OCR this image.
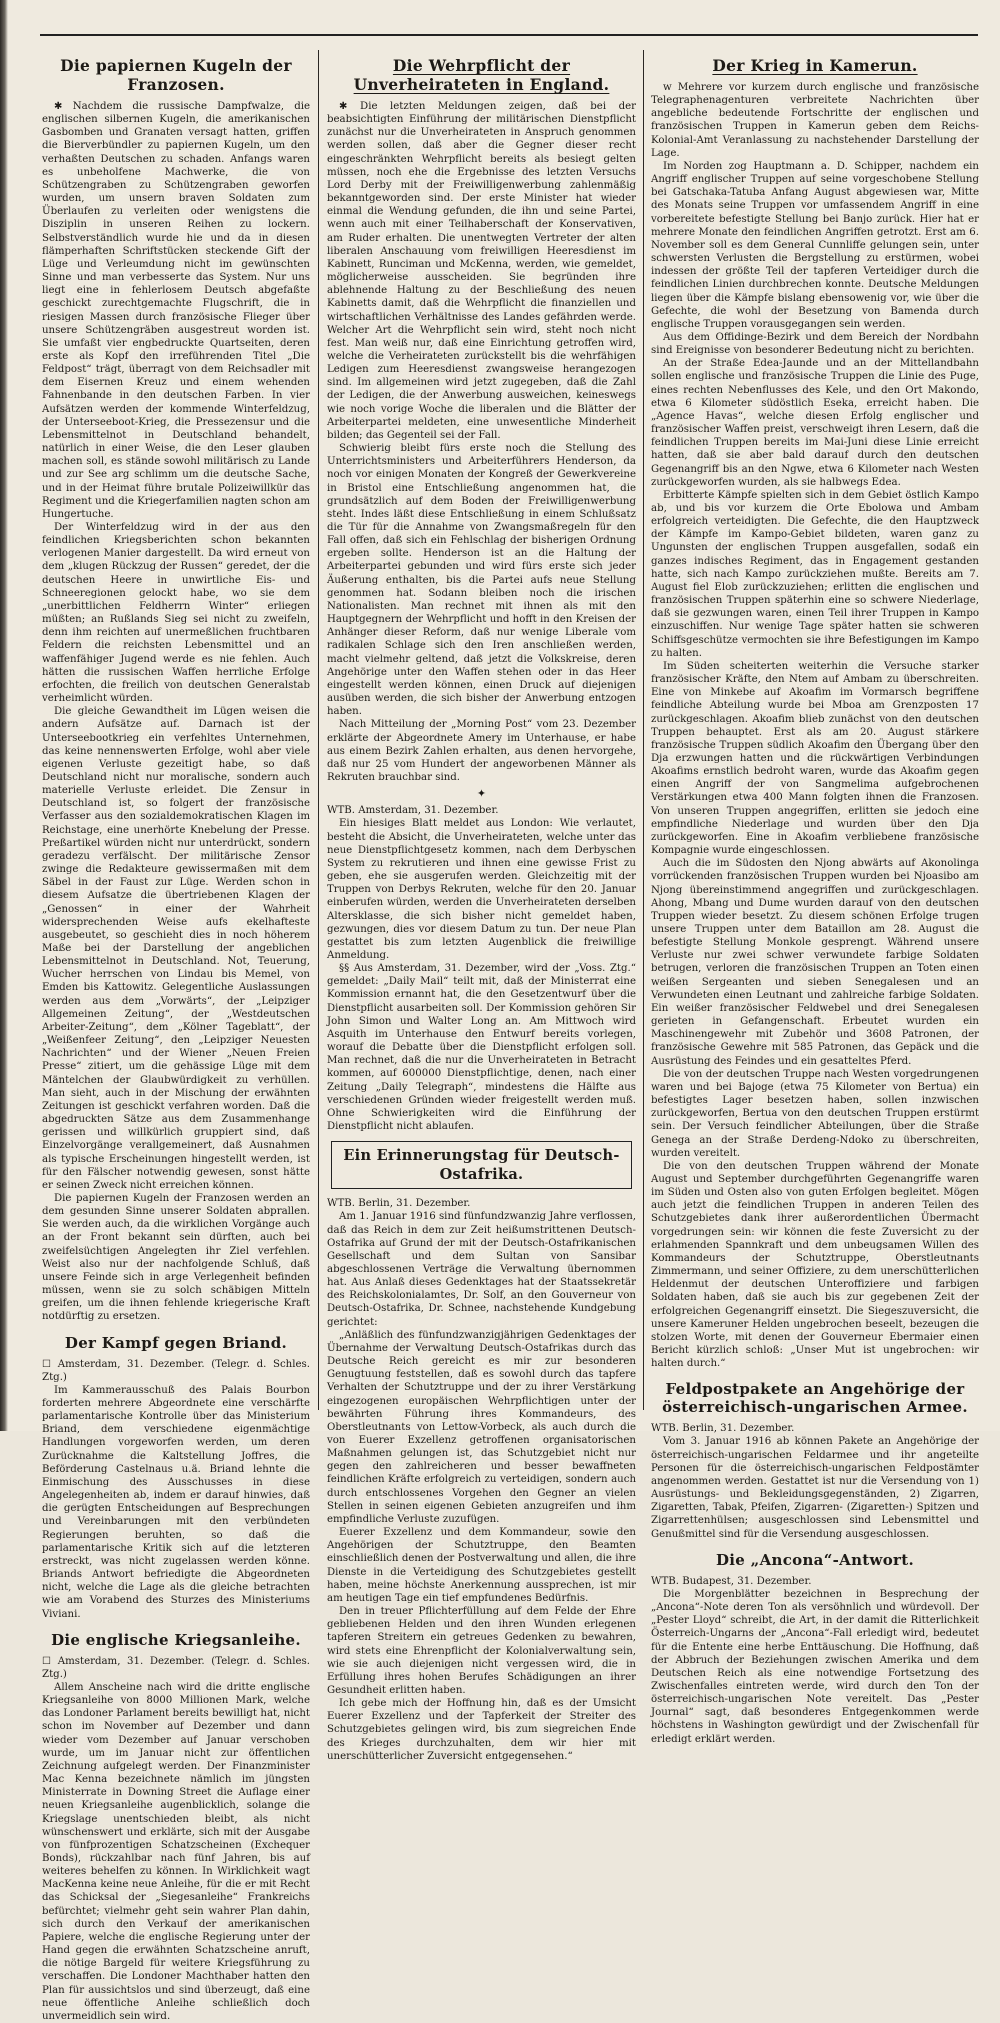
Die papiernen Kugeln der Franzosen.

✱ Nachdem die russische Dampfwalze, die englischen silbernen Kugeln, die amerikanischen Gasbomben und Granaten versagt hatten, griffen die Bierverbündler zu papiernen Kugeln, um den verhaßten Deutschen zu schaden. Anfangs waren es unbeholfene Machwerke, die von Schützengraben zu Schützengraben geworfen wurden, um unsern braven Soldaten zum Überlaufen zu verleiten oder wenigstens die Disziplin in unseren Reihen zu lockern. Selbstverständlich wurde hie und da in diesen flämperhaften Schriftstücken steckende Gift der Lüge und Verleumdung nicht im gewünschten Sinne und man verbesserte das System. Nur uns liegt eine in fehlerlosem Deutsch abgefaßte geschickt zurechtgemachte Flugschrift, die in riesigen Massen durch französische Flieger über unsere Schützengräben ausgestreut worden ist. Sie umfaßt vier engbedruckte Quartseiten, deren erste als Kopf den irreführenden Titel „Die Feldpost“ trägt, überragt von dem Reichsadler mit dem Eisernen Kreuz und einem wehenden Fahnenbande in den deutschen Farben. In vier Aufsätzen werden der kommende Winterfeldzug, der Unterseeboot-Krieg, die Pressezensur und die Lebensmittelnot in Deutschland behandelt, natürlich in einer Weise, die den Leser glauben machen soll, es stände sowohl militärisch zu Lande und zur See arg schlimm um die deutsche Sache, und in der Heimat führe brutale Polizeiwillkür das Regiment und die Kriegerfamilien nagten schon am Hungertuche.

Der Winterfeldzug wird in der aus den feindlichen Kriegsberichten schon bekannten verlogenen Manier dargestellt. Da wird erneut von dem „klugen Rückzug der Russen“ geredet, der die deutschen Heere in unwirtliche Eis- und Schneeregionen gelockt habe, wo sie dem „unerbittlichen Feldherrn Winter“ erliegen müßten; an Rußlands Sieg sei nicht zu zweifeln, denn ihm reichten auf unermeßlichen fruchtbaren Feldern die reichsten Lebensmittel und an waffenfähiger Jugend werde es nie fehlen. Auch hätten die russischen Waffen herrliche Erfolge erfochten, die freilich von deutschen Generalstab verheimlicht würden.

Die gleiche Gewandtheit im Lügen weisen die andern Aufsätze auf. Darnach ist der Unterseebootkrieg ein verfehltes Unternehmen, das keine nennenswerten Erfolge, wohl aber viele eigenen Verluste gezeitigt habe, so daß Deutschland nicht nur moralische, sondern auch materielle Verluste erleidet. Die Zensur in Deutschland ist, so folgert der französische Verfasser aus den sozialdemokratischen Klagen im Reichstage, eine unerhörte Knebelung der Presse. Preßartikel würden nicht nur unterdrückt, sondern geradezu verfälscht. Der militärische Zensor zwinge die Redakteure gewissermaßen mit dem Säbel in der Faust zur Lüge. Werden schon in diesem Aufsatze die übertriebenen Klagen der „Genossen“ in einer der Wahrheit widersprechenden Weise aufs ekelhafteste ausgebeutet, so geschieht dies in noch höherem Maße bei der Darstellung der angeblichen Lebensmittelnot in Deutschland. Not, Teuerung, Wucher herrschen von Lindau bis Memel, von Emden bis Kattowitz. Gelegentliche Auslassungen werden aus dem „Vorwärts“, der „Leipziger Allgemeinen Zeitung“, der „Westdeutschen Arbeiter-Zeitung“, dem „Kölner Tageblatt“, der „Weißenfeer Zeitung“, den „Leipziger Neuesten Nachrichten“ und der Wiener „Neuen Freien Presse“ zitiert, um die gehässige Lüge mit dem Mäntelchen der Glaubwürdigkeit zu verhüllen. Man sieht, auch in der Mischung der erwähnten Zeitungen ist geschickt verfahren worden. Daß die abgedruckten Sätze aus dem Zusammenhange gerissen und willkürlich gruppiert sind, daß Einzelvorgänge verallgemeinert, daß Ausnahmen als typische Erscheinungen hingestellt werden, ist für den Fälscher notwendig gewesen, sonst hätte er seinen Zweck nicht erreichen können.

Die papiernen Kugeln der Franzosen werden an dem gesunden Sinne unserer Soldaten abprallen. Sie werden auch, da die wirklichen Vorgänge auch an der Front bekannt sein dürften, auch bei zweifelsüchtigen Angelegten ihr Ziel verfehlen. Weist also nur der nachfolgende Schluß, daß unsere Feinde sich in arge Verlegenheit befinden müssen, wenn sie zu solch schäbigen Mitteln greifen, um die ihnen fehlende kriegerische Kraft notdürftig zu ersetzen.

Der Kampf gegen Briand.

☐ Amsterdam, 31. Dezember. (Telegr. d. Schles. Ztg.)

Im Kammerausschuß des Palais Bourbon forderten mehrere Abgeordnete eine verschärfte parlamentarische Kontrolle über das Ministerium Briand, dem verschiedene eigenmächtige Handlungen vorgeworfen werden, um deren Zurücknahme die Kaltstellung Joffres, die Beförderung Castelnaus u.ä. Briand lehnte die Einmischung des Ausschusses in diese Angelegenheiten ab, indem er darauf hinwies, daß die gerügten Entscheidungen auf Besprechungen und Vereinbarungen mit den verbündeten Regierungen beruhten, so daß die parlamentarische Kritik sich auf die letzteren erstreckt, was nicht zugelassen werden könne. Briands Antwort befriedigte die Abgeordneten nicht, welche die Lage als die gleiche betrachten wie am Vorabend des Sturzes des Ministeriums Viviani.

Die englische Kriegsanleihe.

☐ Amsterdam, 31. Dezember. (Telegr. d. Schles. Ztg.)

Allem Anscheine nach wird die dritte englische Kriegsanleihe von 8000 Millionen Mark, welche das Londoner Parlament bereits bewilligt hat, nicht schon im November auf Dezember und dann wieder vom Dezember auf Januar verschoben wurde, um im Januar nicht zur öffentlichen Zeichnung aufgelegt werden. Der Finanzminister Mac Kenna bezeichnete nämlich im jüngsten Ministerrate in Downing Street die Auflage einer neuen Kriegsanleihe augenblicklich, solange die Kriegslage unentschieden bleibt, als nicht wünschenswert und erklärte, sich mit der Ausgabe von fünfprozentigen Schatzscheinen (Exchequer Bonds), rückzahlbar nach fünf Jahren, bis auf weiteres behelfen zu können. In Wirklichkeit wagt MacKenna keine neue Anleihe, für die er mit Recht das Schicksal der „Siegesanleihe“ Frankreichs befürchtet; vielmehr geht sein wahrer Plan dahin, sich durch den Verkauf der amerikanischen Papiere, welche die englische Regierung unter der Hand gegen die erwähnten Schatzscheine anruft, die nötige Bargeld für weitere Kriegsführung zu verschaffen. Die Londoner Machthaber hatten den Plan für aussichtslos und sind überzeugt, daß eine neue öffentliche Anleihe schließlich doch unvermeidlich sein wird.

Die Wehrpflicht der Unverheirateten in England.

✱ Die letzten Meldungen zeigen, daß bei der beabsichtigten Einführung der militärischen Dienstpflicht zunächst nur die Unverheirateten in Anspruch genommen werden sollen, daß aber die Gegner dieser recht eingeschränkten Wehrpflicht bereits als besiegt gelten müssen, noch ehe die Ergebnisse des letzten Versuchs Lord Derby mit der Freiwilligenwerbung zahlenmäßig bekanntgeworden sind. Der erste Minister hat wieder einmal die Wendung gefunden, die ihn und seine Partei, wenn auch mit einer Teilhaberschaft der Konservativen, am Ruder erhalten. Die unentwegten Vertreter der alten liberalen Anschauung vom freiwilligen Heeresdienst im Kabinett, Runciman und McKenna, werden, wie gemeldet, möglicherweise ausscheiden. Sie begründen ihre ablehnende Haltung zu der Beschließung des neuen Kabinetts damit, daß die Wehrpflicht die finanziellen und wirtschaftlichen Verhältnisse des Landes gefährden werde. Welcher Art die Wehrpflicht sein wird, steht noch nicht fest. Man weiß nur, daß eine Einrichtung getroffen wird, welche die Verheirateten zurückstellt bis die wehrfähigen Ledigen zum Heeresdienst zwangsweise herangezogen sind. Im allgemeinen wird jetzt zugegeben, daß die Zahl der Ledigen, die der Anwerbung ausweichen, keineswegs wie noch vorige Woche die liberalen und die Blätter der Arbeiterpartei meldeten, eine unwesentliche Minderheit bilden; das Gegenteil sei der Fall.

Schwierig bleibt fürs erste noch die Stellung des Unterrichtsministers und Arbeiterführers Henderson, da noch vor einigen Monaten der Kongreß der Gewerkvereine in Bristol eine Entschließung angenommen hat, die grundsätzlich auf dem Boden der Freiwilligenwerbung steht. Indes läßt diese Entschließung in einem Schlußsatz die Tür für die Annahme von Zwangsmaßregeln für den Fall offen, daß sich ein Fehlschlag der bisherigen Ordnung ergeben sollte. Henderson ist an die Haltung der Arbeiterpartei gebunden und wird fürs erste sich jeder Äußerung enthalten, bis die Partei aufs neue Stellung genommen hat. Sodann bleiben noch die irischen Nationalisten. Man rechnet mit ihnen als mit den Hauptgegnern der Wehrpflicht und hofft in den Kreisen der Anhänger dieser Reform, daß nur wenige Liberale vom radikalen Schlage sich den Iren anschließen werden, macht vielmehr geltend, daß jetzt die Volkskreise, deren Angehörige unter den Waffen stehen oder in das Heer eingestellt werden können, einen Druck auf diejenigen ausüben werden, die sich bisher der Anwerbung entzogen haben.

Nach Mitteilung der „Morning Post“ vom 23. Dezember erklärte der Abgeordnete Amery im Unterhause, er habe aus einem Bezirk Zahlen erhalten, aus denen hervorgehe, daß nur 25 vom Hundert der angeworbenen Männer als Rekruten brauchbar sind.

✦

WTB. Amsterdam, 31. Dezember.

Ein hiesiges Blatt meldet aus London: Wie verlautet, besteht die Absicht, die Unverheirateten, welche unter das neue Dienstpflichtgesetz kommen, nach dem Derbyschen System zu rekrutieren und ihnen eine gewisse Frist zu geben, ehe sie ausgerufen werden. Gleichzeitig mit der Truppen von Derbys Rekruten, welche für den 20. Januar einberufen würden, werden die Unverheirateten derselben Altersklasse, die sich bisher nicht gemeldet haben, gezwungen, dies vor diesem Datum zu tun. Der neue Plan gestattet bis zum letzten Augenblick die freiwillige Anmeldung.

§§ Aus Amsterdam, 31. Dezember, wird der „Voss. Ztg.“ gemeldet: „Daily Mail“ teilt mit, daß der Ministerrat eine Kommission ernannt hat, die den Gesetzentwurf über die Dienstpflicht ausarbeiten soll. Der Kommission gehören Sir John Simon und Walter Long an. Am Mittwoch wird Asquith im Unterhause den Entwurf bereits vorlegen, worauf die Debatte über die Dienstpflicht erfolgen soll. Man rechnet, daß die nur die Unverheirateten in Betracht kommen, auf 600000 Dienstpflichtige, denen, nach einer Zeitung „Daily Telegraph“, mindestens die Hälfte aus verschiedenen Gründen wieder freigestellt werden muß. Ohne Schwierigkeiten wird die Einführung der Dienstpflicht nicht ablaufen.

Ein Erinnerungstag für Deutsch-Ostafrika.

WTB. Berlin, 31. Dezember.

Am 1. Januar 1916 sind fünfundzwanzig Jahre verflossen, daß das Reich in dem zur Zeit heißumstrittenen Deutsch-Ostafrika auf Grund der mit der Deutsch-Ostafrikanischen Gesellschaft und dem Sultan von Sansibar abgeschlossenen Verträge die Verwaltung übernommen hat. Aus Anlaß dieses Gedenktages hat der Staatssekretär des Reichskolonialamtes, Dr. Solf, an den Gouverneur von Deutsch-Ostafrika, Dr. Schnee, nachstehende Kundgebung gerichtet:

„Anläßlich des fünfundzwanzigjährigen Gedenktages der Übernahme der Verwaltung Deutsch-Ostafrikas durch das Deutsche Reich gereicht es mir zur besonderen Genugtuung feststellen, daß es sowohl durch das tapfere Verhalten der Schutztruppe und der zu ihrer Verstärkung eingezogenen europäischen Wehrpflichtigen unter der bewährten Führung ihres Kommandeurs, des Oberstleutnants von Lettow-Vorbeck, als auch durch die von Euerer Exzellenz getroffenen organisatorischen Maßnahmen gelungen ist, das Schutzgebiet nicht nur gegen den zahlreicheren und besser bewaffneten feindlichen Kräfte erfolgreich zu verteidigen, sondern auch durch entschlossenes Vorgehen den Gegner an vielen Stellen in seinen eigenen Gebieten anzugreifen und ihm empfindliche Verluste zuzufügen.

Euerer Exzellenz und dem Kommandeur, sowie den Angehörigen der Schutztruppe, den Beamten einschließlich denen der Postverwaltung und allen, die ihre Dienste in die Verteidigung des Schutzgebietes gestellt haben, meine höchste Anerkennung aussprechen, ist mir am heutigen Tage ein tief empfundenes Bedürfnis.

Den in treuer Pflichterfüllung auf dem Felde der Ehre gebliebenen Helden und den ihren Wunden erlegenen tapferen Streitern ein getreues Gedenken zu bewahren, wird stets eine Ehrenpflicht der Kolonialverwaltung sein, wie sie auch diejenigen nicht vergessen wird, die in Erfüllung ihres hohen Berufes Schädigungen an ihrer Gesundheit erlitten haben.

Ich gebe mich der Hoffnung hin, daß es der Umsicht Euerer Exzellenz und der Tapferkeit der Streiter des Schutzgebietes gelingen wird, bis zum siegreichen Ende des Krieges durchzuhalten, dem wir hier mit unerschütterlicher Zuversicht entgegensehen.“

Der Krieg in Kamerun.

w Mehrere vor kurzem durch englische und französische Telegraphenagenturen verbreitete Nachrichten über angebliche bedeutende Fortschritte der englischen und französischen Truppen in Kamerun geben dem Reichs-Kolonial-Amt Veranlassung zu nachstehender Darstellung der Lage.

Im Norden zog Hauptmann a. D. Schipper, nachdem ein Angriff englischer Truppen auf seine vorgeschobene Stellung bei Gatschaka-Tatuba Anfang August abgewiesen war, Mitte des Monats seine Truppen vor umfassendem Angriff in eine vorbereitete befestigte Stellung bei Banjo zurück. Hier hat er mehrere Monate den feindlichen Angriffen getrotzt. Erst am 6. November soll es dem General Cunnliffe gelungen sein, unter schwersten Verlusten die Bergstellung zu erstürmen, wobei indessen der größte Teil der tapferen Verteidiger durch die feindlichen Linien durchbrechen konnte. Deutsche Meldungen liegen über die Kämpfe bislang ebensowenig vor, wie über die Gefechte, die wohl der Besetzung von Bamenda durch englische Truppen vorausgegangen sein werden.

Aus dem Offidinge-Bezirk und dem Bereich der Nordbahn sind Ereignisse von besonderer Bedeutung nicht zu berichten.

An der Straße Edea-Jaunde und an der Mittellandbahn sollen englische und französische Truppen die Linie des Puge, eines rechten Nebenflusses des Kele, und den Ort Makondo, etwa 6 Kilometer südöstlich Eseka, erreicht haben. Die „Agence Havas“, welche diesen Erfolg englischer und französischer Waffen preist, verschweigt ihren Lesern, daß die feindlichen Truppen bereits im Mai-Juni diese Linie erreicht hatten, daß sie aber bald darauf durch den deutschen Gegenangriff bis an den Ngwe, etwa 6 Kilometer nach Westen zurückgeworfen wurden, als sie halbwegs Edea.

Erbitterte Kämpfe spielten sich in dem Gebiet östlich Kampo ab, und bis vor kurzem die Orte Ebolowa und Ambam erfolgreich verteidigten. Die Gefechte, die den Hauptzweck der Kämpfe im Kampo-Gebiet bildeten, waren ganz zu Ungunsten der englischen Truppen ausgefallen, sodaß ein ganzes indisches Regiment, das in Engagement gestanden hatte, sich nach Kampo zurückziehen mußte. Bereits am 7. August fiel Elob zurückzuziehen; erlitten die englischen und französischen Truppen späterhin eine so schwere Niederlage, daß sie gezwungen waren, einen Teil ihrer Truppen in Kampo einzuschiffen. Nur wenige Tage später hatten sie schweren Schiffsgeschütze vermochten sie ihre Befestigungen im Kampo zu halten.

Im Süden scheiterten weiterhin die Versuche starker französischer Kräfte, den Ntem auf Ambam zu überschreiten. Eine von Minkebe auf Akoafim im Vormarsch begriffene feindliche Abteilung wurde bei Mboa am Grenzposten 17 zurückgeschlagen. Akoafim blieb zunächst von den deutschen Truppen behauptet. Erst als am 20. August stärkere französische Truppen südlich Akoafim den Übergang über den Dja erzwungen hatten und die rückwärtigen Verbindungen Akoafims ernstlich bedroht waren, wurde das Akoafim gegen einen Angriff der von Sangmelima aufgebrochenen Verstärkungen etwa 400 Mann folgten ihnen die Franzosen. Von unseren Truppen angegriffen, erlitten sie jedoch eine empfindliche Niederlage und wurden über den Dja zurückgeworfen. Eine in Akoafim verbliebene französische Kompagnie wurde eingeschlossen.

Auch die im Südosten den Njong abwärts auf Akonolinga vorrückenden französischen Truppen wurden bei Njoasibo am Njong übereinstimmend angegriffen und zurückgeschlagen. Ahong, Mbang und Dume wurden darauf von den deutschen Truppen wieder besetzt. Zu diesem schönen Erfolge trugen unsere Truppen unter dem Bataillon am 28. August die befestigte Stellung Monkole gesprengt. Während unsere Verluste nur zwei schwer verwundete farbige Soldaten betrugen, verloren die französischen Truppen an Toten einen weißen Sergeanten und sieben Senegalesen und an Verwundeten einen Leutnant und zahlreiche farbige Soldaten. Ein weißer französischer Feldwebel und drei Senegalesen gerieten in Gefangenschaft. Erbeutet wurden ein Maschinengewehr mit Zubehör und 3608 Patronen, der französische Gewehre mit 585 Patronen, das Gepäck und die Ausrüstung des Feindes und ein gesatteltes Pferd.

Die von der deutschen Truppe nach Westen vorgedrungenen waren und bei Bajoge (etwa 75 Kilometer von Bertua) ein befestigtes Lager besetzen haben, sollen inzwischen zurückgeworfen, Bertua von den deutschen Truppen erstürmt sein. Der Versuch feindlicher Abteilungen, über die Straße Genega an der Straße Derdeng-Ndoko zu überschreiten, wurden vereitelt.

Die von den deutschen Truppen während der Monate August und September durchgeführten Gegenangriffe waren im Süden und Osten also von guten Erfolgen begleitet. Mögen auch jetzt die feindlichen Truppen in anderen Teilen des Schutzgebietes dank ihrer außerordentlichen Übermacht vorgedrungen sein: wir können die feste Zuversicht zu der erlahmenden Spannkraft und dem unbeugsamen Willen des Kommandeurs der Schutztruppe, Oberstleutnants Zimmermann, und seiner Offiziere, zu dem unerschütterlichen Heldenmut der deutschen Unteroffiziere und farbigen Soldaten haben, daß sie auch bis zur gegebenen Zeit der erfolgreichen Gegenangriff einsetzt. Die Siegeszuversicht, die unsere Kameruner Helden ungebrochen beseelt, bezeugen die stolzen Worte, mit denen der Gouverneur Ebermaier einen Bericht kürzlich schloß: „Unser Mut ist ungebrochen: wir halten durch.“

Feldpostpakete an Angehörige der österreichisch-ungarischen Armee.

WTB. Berlin, 31. Dezember.

Vom 3. Januar 1916 ab können Pakete an Angehörige der österreichisch-ungarischen Feldarmee und ihr angeteilte Personen für die österreichisch-ungarischen Feldpostämter angenommen werden. Gestattet ist nur die Versendung von 1) Ausrüstungs- und Bekleidungsgegenständen, 2) Zigarren, Zigaretten, Tabak, Pfeifen, Zigarren- (Zigaretten-) Spitzen und Zigarrettenhülsen; ausgeschlossen sind Lebensmittel und Genußmittel sind für die Versendung ausgeschlossen.

Die „Ancona“-Antwort.

WTB. Budapest, 31. Dezember.

Die Morgenblätter bezeichnen in Besprechung der „Ancona“-Note deren Ton als versöhnlich und würdevoll. Der „Pester Lloyd“ schreibt, die Art, in der damit die Ritterlichkeit Österreich-Ungarns der „Ancona“-Fall erledigt wird, bedeutet für die Entente eine herbe Enttäuschung. Die Hoffnung, daß der Abbruch der Beziehungen zwischen Amerika und dem Deutschen Reich als eine notwendige Fortsetzung des Zwischenfalles eintreten werde, wird durch den Ton der österreichisch-ungarischen Note vereitelt. Das „Pester Journal“ sagt, daß besonderes Entgegenkommen werde höchstens in Washington gewürdigt und der Zwischenfall für erledigt erklärt werden.
